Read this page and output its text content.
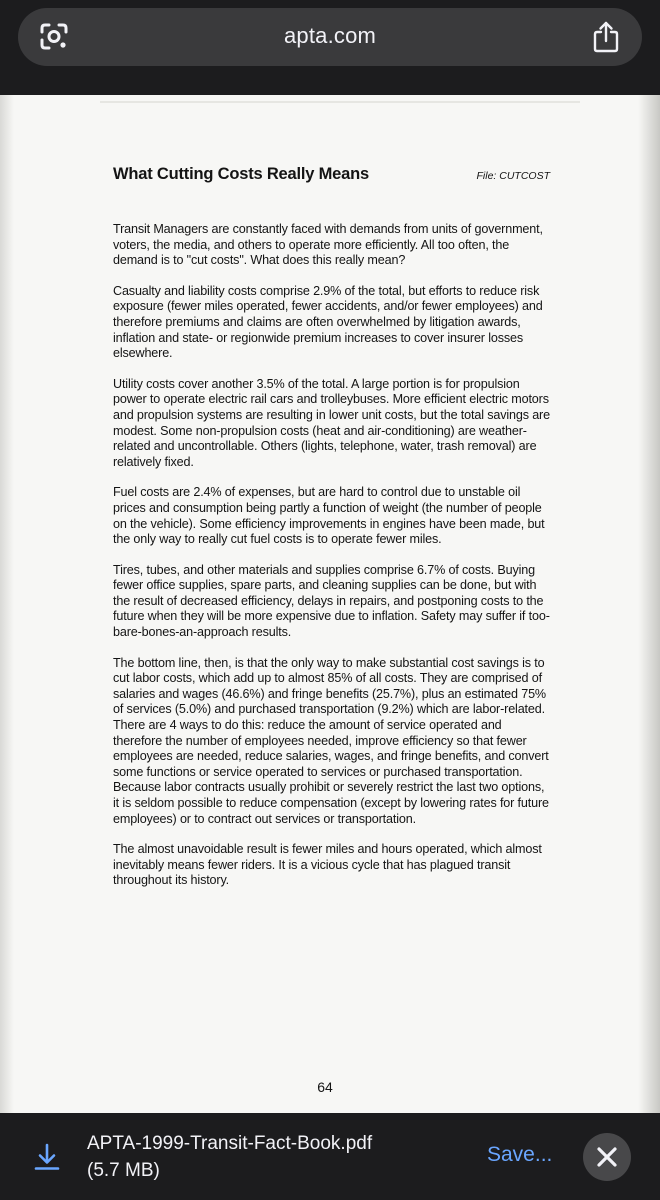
apta.com
What Cutting Costs Really Means	File: CUTCOST

Transit Managers are constantly faced with demands from units of government, voters, the media, and others to operate more efficiently. All too often, the demand is to "cut costs". What does this really mean?

Casualty and liability costs comprise 2.9% of the total, but efforts to reduce risk exposure (fewer miles operated, fewer accidents, and/or fewer employees) and therefore premiums and claims are often overwhelmed by litigation awards, inflation and state- or regionwide premium increases to cover insurer losses elsewhere.

Utility costs cover another 3.5% of the total. A large portion is for propulsion power to operate electric rail cars and trolleybuses. More efficient electric motors and propulsion systems are resulting in lower unit costs, but the total savings are modest. Some non-propulsion costs (heat and air-conditioning) are weather-related and uncontrollable. Others (lights, telephone, water, trash removal) are relatively fixed.

Fuel costs are 2.4% of expenses, but are hard to control due to unstable oil prices and consumption being partly a function of weight (the number of people on the vehicle). Some efficiency improvements in engines have been made, but the only way to really cut fuel costs is to operate fewer miles.

Tires, tubes, and other materials and supplies comprise 6.7% of costs. Buying fewer office supplies, spare parts, and cleaning supplies can be done, but with the result of decreased efficiency, delays in repairs, and postponing costs to the future when they will be more expensive due to inflation. Safety may suffer if too-bare-bones-an-approach results.

The bottom line, then, is that the only way to make substantial cost savings is to cut labor costs, which add up to almost 85% of all costs. They are comprised of salaries and wages (46.6%) and fringe benefits (25.7%), plus an estimated 75% of services (5.0%) and purchased transportation (9.2%) which are labor-related. There are 4 ways to do this: reduce the amount of service operated and therefore the number of employees needed, improve efficiency so that fewer employees are needed, reduce salaries, wages, and fringe benefits, and convert some functions or service operated to services or purchased transportation. Because labor contracts usually prohibit or severely restrict the last two options, it is seldom possible to reduce compensation (except by lowering rates for future employees) or to contract out services or transportation.

The almost unavoidable result is fewer miles and hours operated, which almost inevitably means fewer riders. It is a vicious cycle that has plagued transit throughout its history.

64
APTA-1999-Transit-Fact-Book.pdf
(5.7 MB)
Save...
